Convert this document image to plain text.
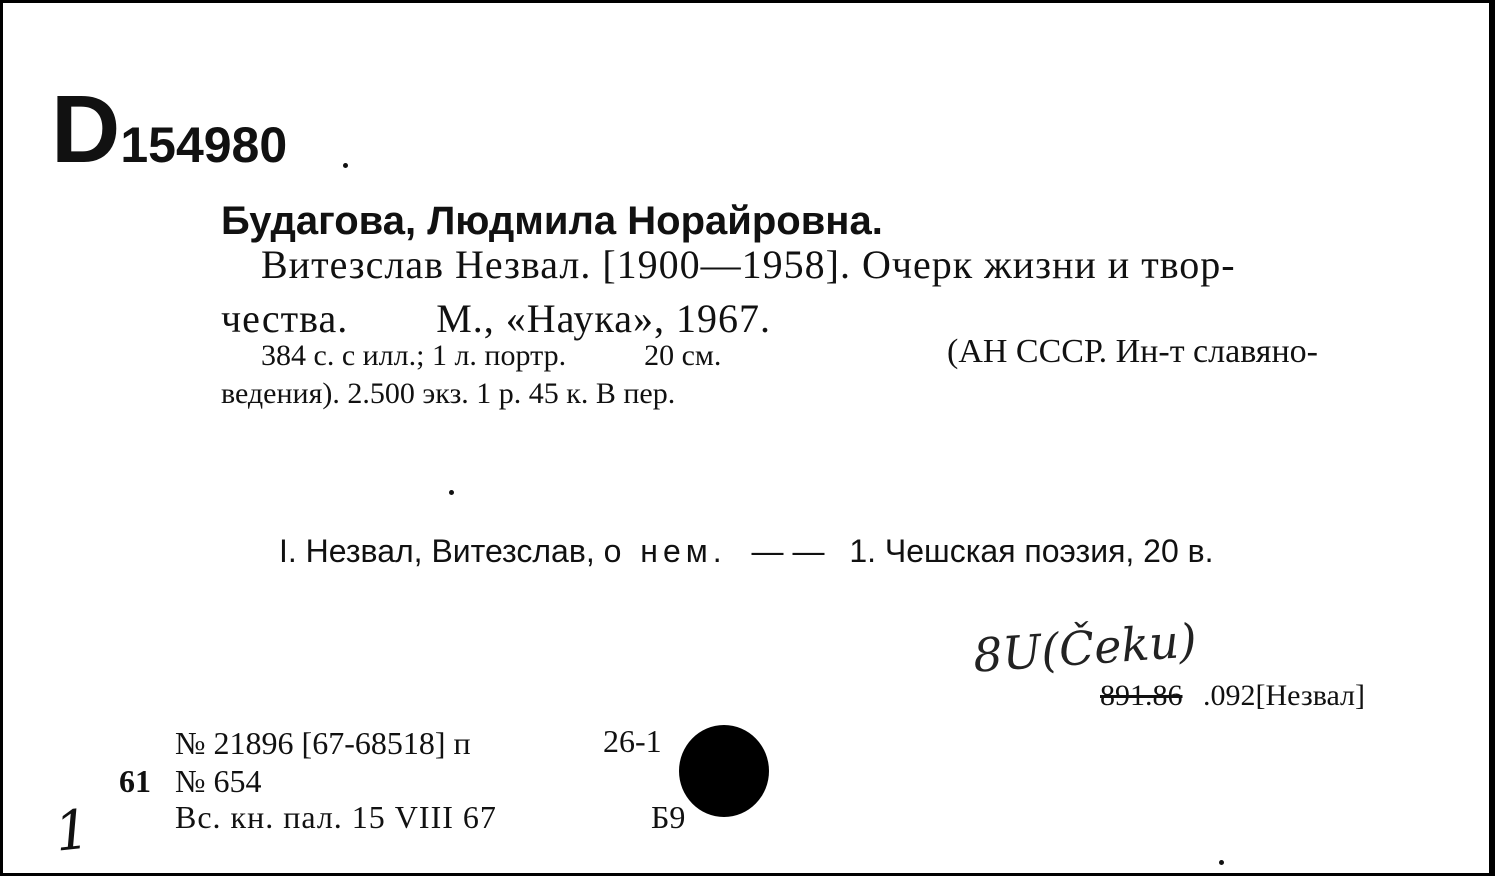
D154980
Будагова, Людмила Норайровна.
Витезслав Незвал. [1900—1958]. Очерк жизни и твор-
чества. М., «Наука», 1967.
384 с. с илл.; 1 л. портр.	20 см.	(АН СССР. Ин-т славяно-
ведения). 2.500 экз. 1 р. 45 к. В пер.
I. Незвал, Витезслав, о нем. — — 1. Чешская поэзия, 20 в.
8U(Čeku)
891.86 .092[Незвал]
№ 21896 [67-68518] п
61 № 654
Вс. кн. пал. 15 VIII 67
26-1
Б9
1
